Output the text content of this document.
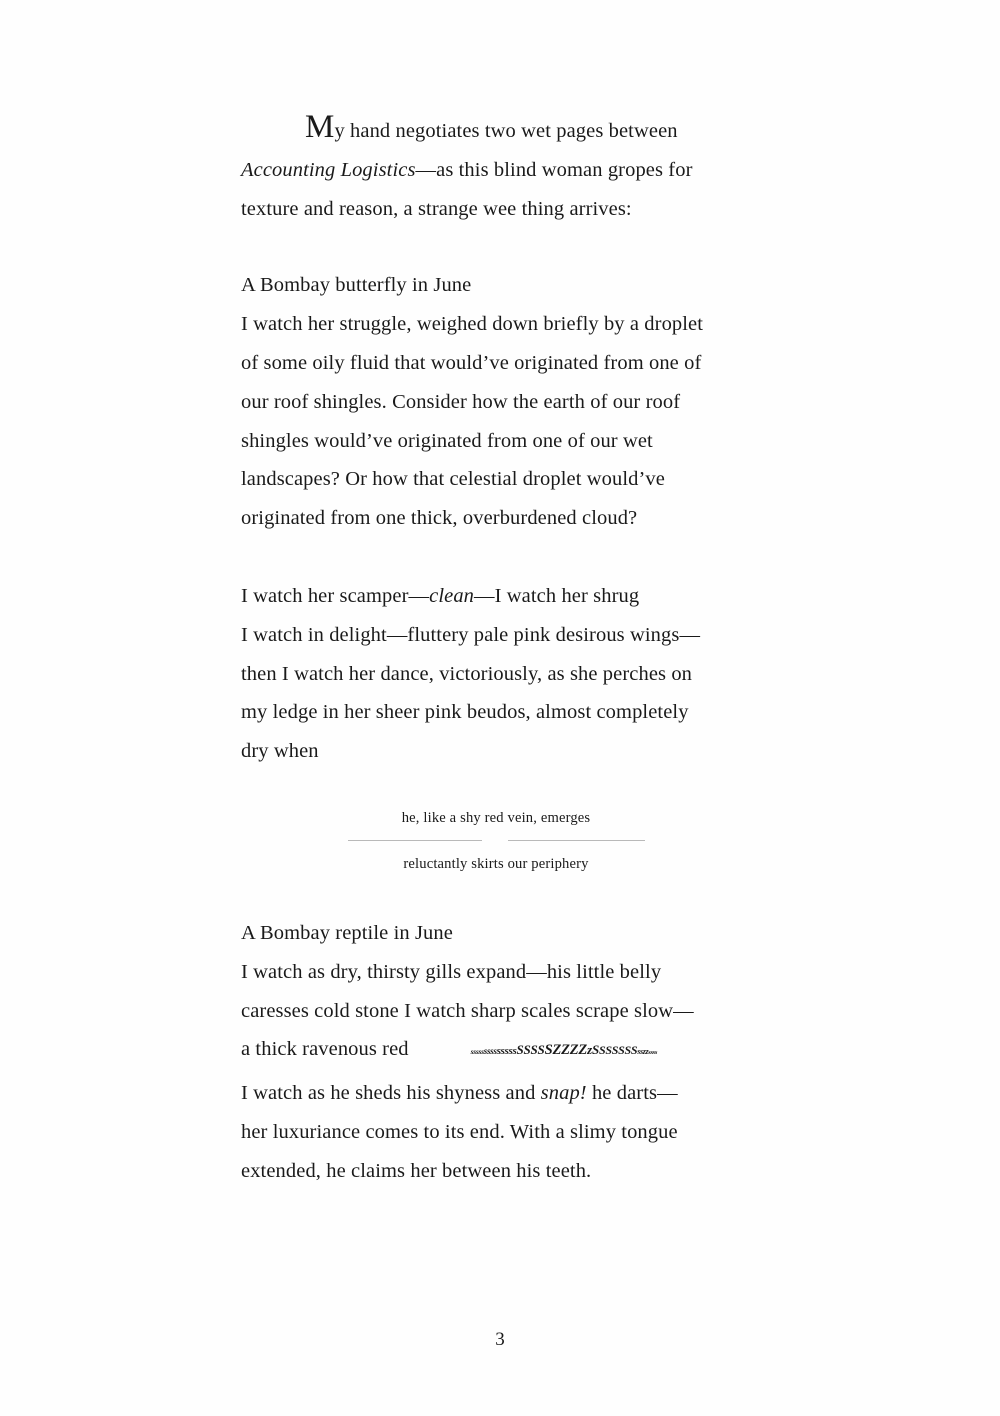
My hand negotiates two wet pages between
Accounting Logistics—as this blind woman gropes for
texture and reason, a strange wee thing arrives:
A Bombay butterfly in June
I watch her struggle, weighed down briefly by a droplet
of some oily fluid that would’ve originated from one of
our roof shingles. Consider how the earth of our roof
shingles would’ve originated from one of our wet
landscapes? Or how that celestial droplet would’ve
originated from one thick, overburdened cloud?
I watch her scamper—clean—I watch her shrug
I watch in delight—fluttery pale pink desirous wings—
then I watch her dance, victoriously, as she perches on
my ledge in her sheer pink beudos, almost completely
dry when
he, like a shy red vein, emerges
reluctantly skirts our periphery
A Bombay reptile in June
I watch as dry, thirsty gills expand—his little belly
caresses cold stone I watch sharp scales scrape slow—
a thick ravenous red	ssssssssssssssSSSSSZZZZzSSSSSSSsszzssss
I watch as he sheds his shyness and snap! he darts—
her luxuriance comes to its end. With a slimy tongue
extended, he claims her between his teeth.
3
